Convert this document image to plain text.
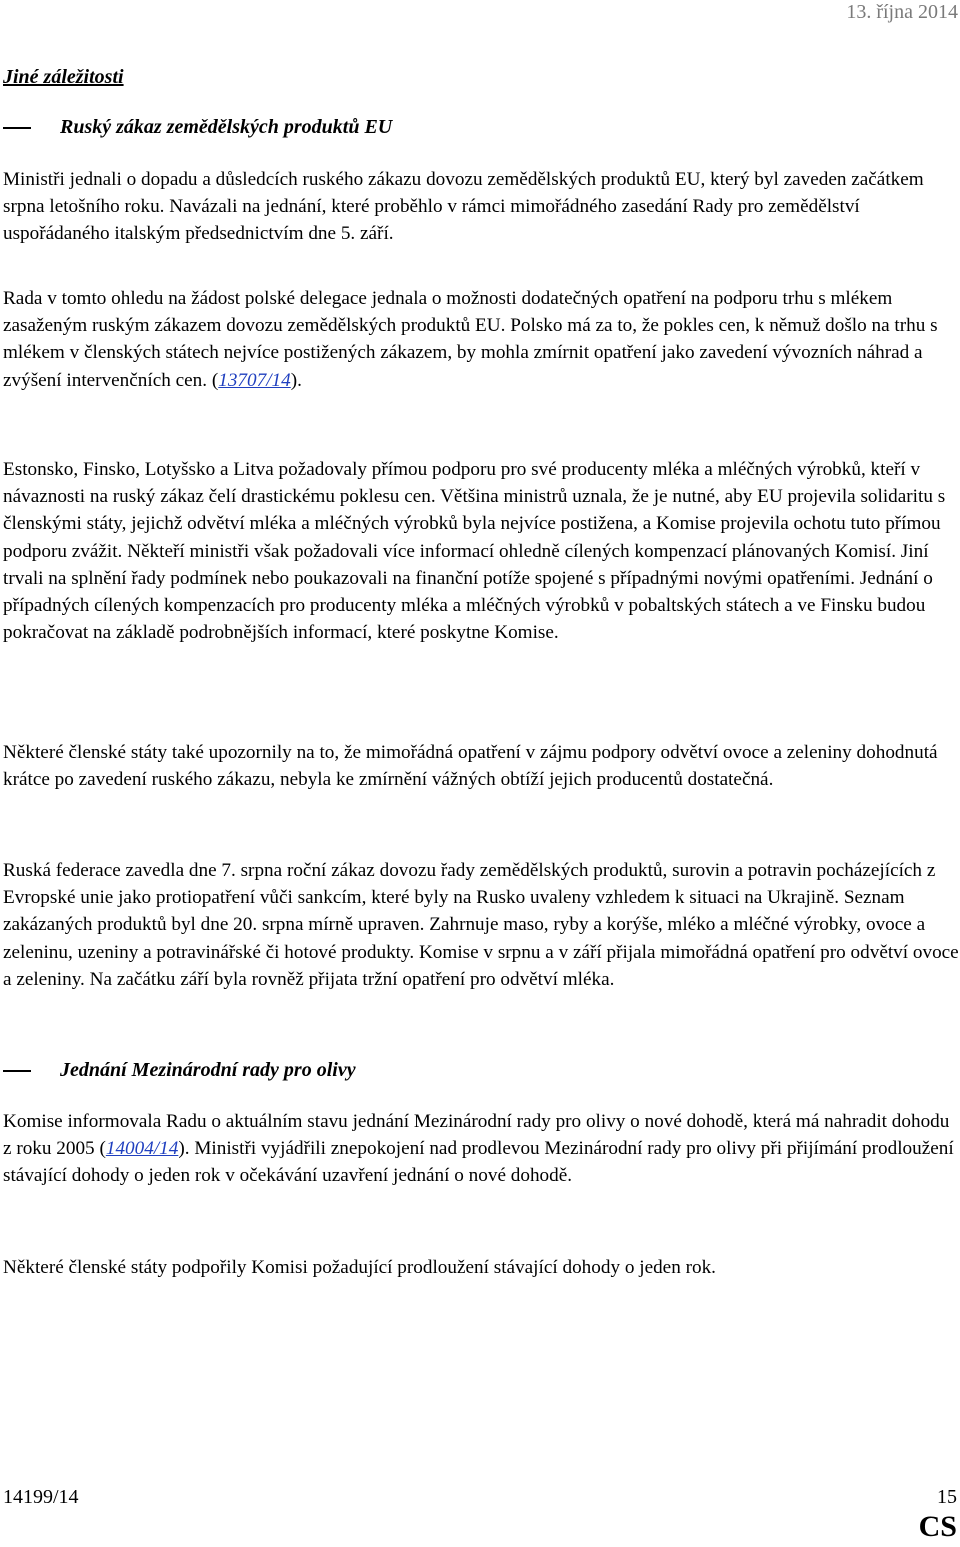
13. října 2014
Jiné záležitosti
Ruský zákaz zemědělských produktů EU

Ministři jednali o dopadu a důsledcích ruského zákazu dovozu zemědělských produktů EU, který byl zaveden začátkem srpna letošního roku. Navázali na jednání, které proběhlo v rámci mimořádného zasedání Rady pro zemědělství uspořádaného italským předsednictvím dne 5. září.

Rada v tomto ohledu na žádost polské delegace jednala o možnosti dodatečných opatření na podporu trhu s mlékem zasaženým ruským zákazem dovozu zemědělských produktů EU. Polsko má za to, že pokles cen, k němuž došlo na trhu s mlékem v členských státech nejvíce postižených zákazem, by mohla zmírnit opatření jako zavedení vývozních náhrad a zvýšení intervenčních cen. (13707/14).

Estonsko, Finsko, Lotyšsko a Litva požadovaly přímou podporu pro své producenty mléka a mléčných výrobků, kteří v návaznosti na ruský zákaz čelí drastickému poklesu cen. Většina ministrů uznala, že je nutné, aby EU projevila solidaritu s členskými státy, jejichž odvětví mléka a mléčných výrobků byla nejvíce postižena, a Komise projevila ochotu tuto přímou podporu zvážit. Někteří ministři však požadovali více informací ohledně cílených kompenzací plánovaných Komisí. Jiní trvali na splnění řady podmínek nebo poukazovali na finanční potíže spojené s případnými novými opatřeními. Jednání o případných cílených kompenzacích pro producenty mléka a mléčných výrobků v pobaltských státech a ve Finsku budou pokračovat na základě podrobnějších informací, které poskytne Komise.

Některé členské státy také upozornily na to, že mimořádná opatření v zájmu podpory odvětví ovoce a zeleniny dohodnutá krátce po zavedení ruského zákazu, nebyla ke zmírnění vážných obtíží jejich producentů dostatečná.

Ruská federace zavedla dne 7. srpna roční zákaz dovozu řady zemědělských produktů, surovin a potravin pocházejících z Evropské unie jako protiopatření vůči sankcím, které byly na Rusko uvaleny vzhledem k situaci na Ukrajině. Seznam zakázaných produktů byl dne 20. srpna mírně upraven. Zahrnuje maso, ryby a korýše, mléko a mléčné výrobky, ovoce a zeleninu, uzeniny a potravinářské či hotové produkty. Komise v srpnu a v září přijala mimořádná opatření pro odvětví ovoce a zeleniny. Na začátku září byla rovněž přijata tržní opatření pro odvětví mléka.

Jednání Mezinárodní rady pro olivy

Komise informovala Radu o aktuálním stavu jednání Mezinárodní rady pro olivy o nové dohodě, která má nahradit dohodu z roku 2005 (14004/14). Ministři vyjádřili znepokojení nad prodlevou Mezinárodní rady pro olivy při přijímání prodloužení stávající dohody o jeden rok v očekávání uzavření jednání o nové dohodě.

Některé členské státy podpořily Komisi požadující prodloužení stávající dohody o jeden rok.

14199/14	15
CS
